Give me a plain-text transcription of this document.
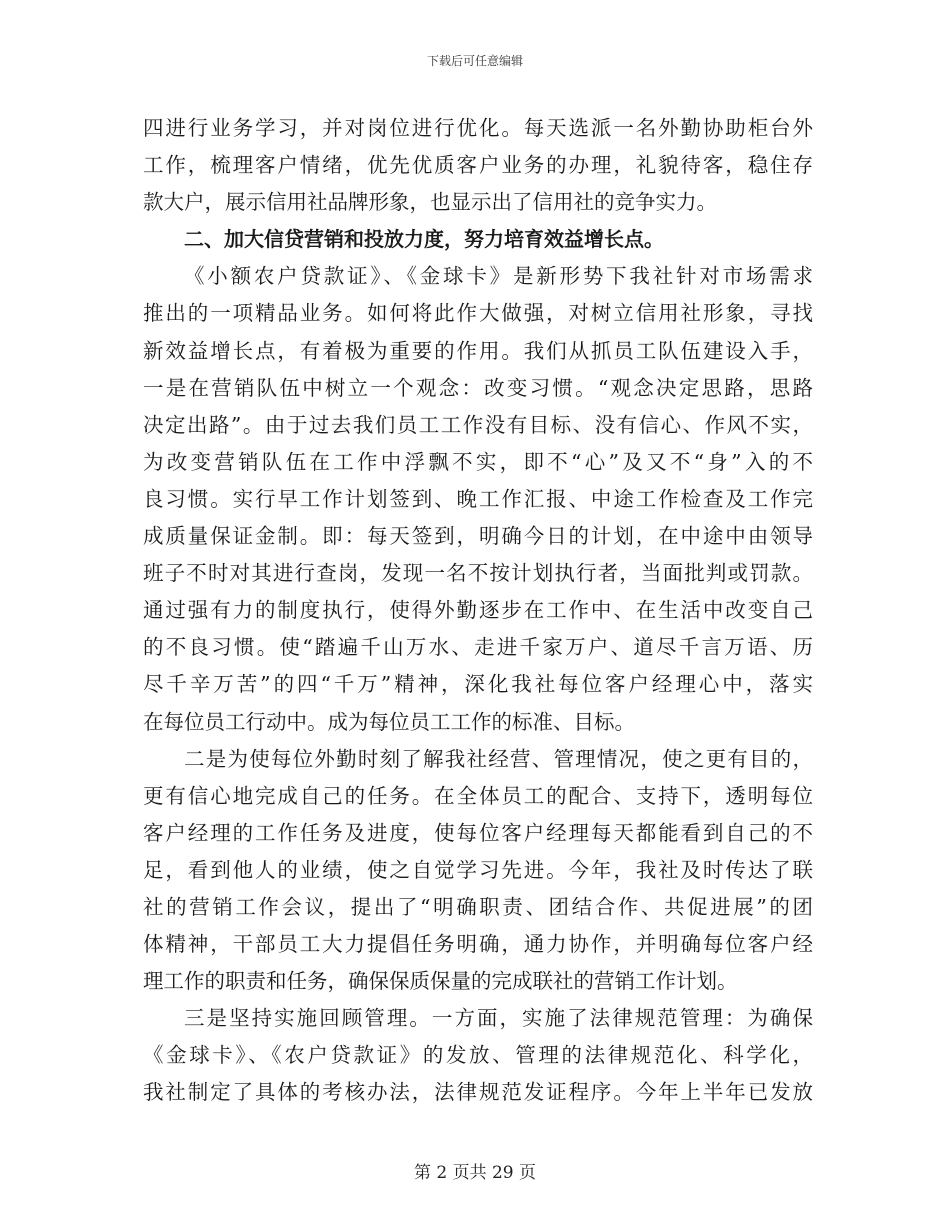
下载后可任意编辑
四进行业务学习，并对岗位进行优化。每天选派一名外勤协助柜台外
工作，梳理客户情绪，优先优质客户业务的办理，礼貌待客，稳住存
款大户，展示信用社品牌形象，也显示出了信用社的竞争实力。
二、加大信贷营销和投放力度，努力培育效益增长点。
《小额农户贷款证》、《金球卡》是新形势下我社针对市场需求
推出的一项精品业务。如何将此作大做强，对树立信用社形象，寻找
新效益增长点，有着极为重要的作用。我们从抓员工队伍建设入手，
一是在营销队伍中树立一个观念：改变习惯。“观念决定思路，思路
决定出路”。由于过去我们员工工作没有目标、没有信心、作风不实，
为改变营销队伍在工作中浮飘不实，即不“心”及又不“身”入的不
良习惯。实行早工作计划签到、晚工作汇报、中途工作检查及工作完
成质量保证金制。即：每天签到，明确今日的计划，在中途中由领导
班子不时对其进行查岗，发现一名不按计划执行者，当面批判或罚款。
通过强有力的制度执行，使得外勤逐步在工作中、在生活中改变自己
的不良习惯。使“踏遍千山万水、走进千家万户、道尽千言万语、历
尽千辛万苦”的四“千万”精神，深化我社每位客户经理心中，落实
在每位员工行动中。成为每位员工工作的标准、目标。
二是为使每位外勤时刻了解我社经营、管理情况，使之更有目的，
更有信心地完成自己的任务。在全体员工的配合、支持下，透明每位
客户经理的工作任务及进度，使每位客户经理每天都能看到自己的不
足，看到他人的业绩，使之自觉学习先进。今年，我社及时传达了联
社的营销工作会议，提出了“明确职责、团结合作、共促进展”的团
体精神，干部员工大力提倡任务明确，通力协作，并明确每位客户经
理工作的职责和任务，确保保质保量的完成联社的营销工作计划。
三是坚持实施回顾管理。一方面，实施了法律规范管理：为确保
《金球卡》、《农户贷款证》的发放、管理的法律规范化、科学化，
我社制定了具体的考核办法，法律规范发证程序。今年上半年已发放
第 2 页共 29 页
